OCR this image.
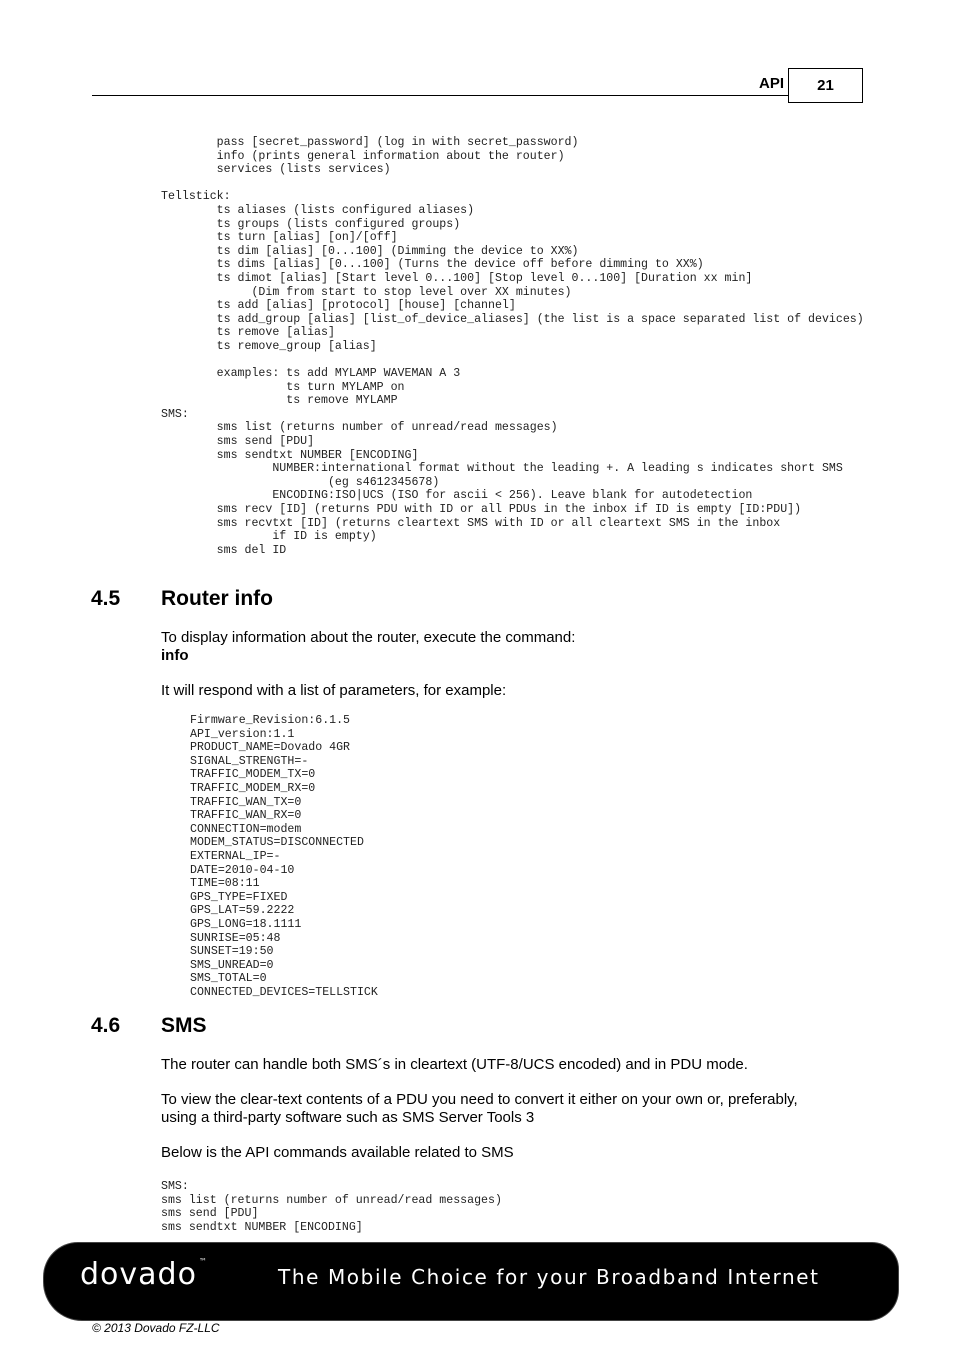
API	21
pass [secret_password] (log in with secret_password)
info (prints general information about the router)
services (lists services)

Tellstick:
ts aliases (lists configured aliases)
ts groups (lists configured groups)
ts turn [alias] [on]/[off]
ts dim [alias] [0...100] (Dimming the device to XX%)
ts dims [alias] [0...100] (Turns the device off before dimming to XX%)
ts dimot [alias] [Start level 0...100] [Stop level 0...100] [Duration xx min]
(Dim from start to stop level over XX minutes)
ts add [alias] [protocol] [house] [channel]
ts add_group [alias] [list_of_device_aliases] (the list is a space separated list of devices)
ts remove [alias]
ts remove_group [alias]

examples: ts add MYLAMP WAVEMAN A 3
ts turn MYLAMP on
ts remove MYLAMP
SMS:
sms list (returns number of unread/read messages)
sms send [PDU]
sms sendtxt NUMBER [ENCODING]
NUMBER:international format without the leading +. A leading s indicates short SMS
(eg s4612345678)
ENCODING:ISO|UCS (ISO for ascii < 256). Leave blank for autodetection
sms recv [ID] (returns PDU with ID or all PDUs in the inbox if ID is empty [ID:PDU])
sms recvtxt [ID] (returns cleartext SMS with ID or all cleartext SMS in the inbox
if ID is empty)
sms del ID
4.5 Router info

To display information about the router, execute the command:

info

It will respond with a list of parameters, for example:

Firmware_Revision:6.1.5
API_version:1.1
PRODUCT_NAME=Dovado 4GR
SIGNAL_STRENGTH=-
TRAFFIC_MODEM_TX=0
TRAFFIC_MODEM_RX=0
TRAFFIC_WAN_TX=0
TRAFFIC_WAN_RX=0
CONNECTION=modem
MODEM_STATUS=DISCONNECTED
EXTERNAL_IP=-
DATE=2010-04-10
TIME=08:11
GPS_TYPE=FIXED
GPS_LAT=59.2222
GPS_LONG=18.1111
SUNRISE=05:48
SUNSET=19:50
SMS_UNREAD=0
SMS_TOTAL=0
CONNECTED_DEVICES=TELLSTICK
4.6 SMS

The router can handle both SMS´s in cleartext (UTF-8/UCS encoded) and in PDU mode.

To view the clear-text contents of a PDU you need to convert it either on your own or, preferably,

using a third-party software such as SMS Server Tools 3

Below is the API commands available related to SMS

SMS:
sms list (returns number of unread/read messages)
sms send [PDU]
sms sendtxt NUMBER [ENCODING]
dovado ™
The Mobile Choice for your Broadband Internet
© 2013 Dovado FZ-LLC
